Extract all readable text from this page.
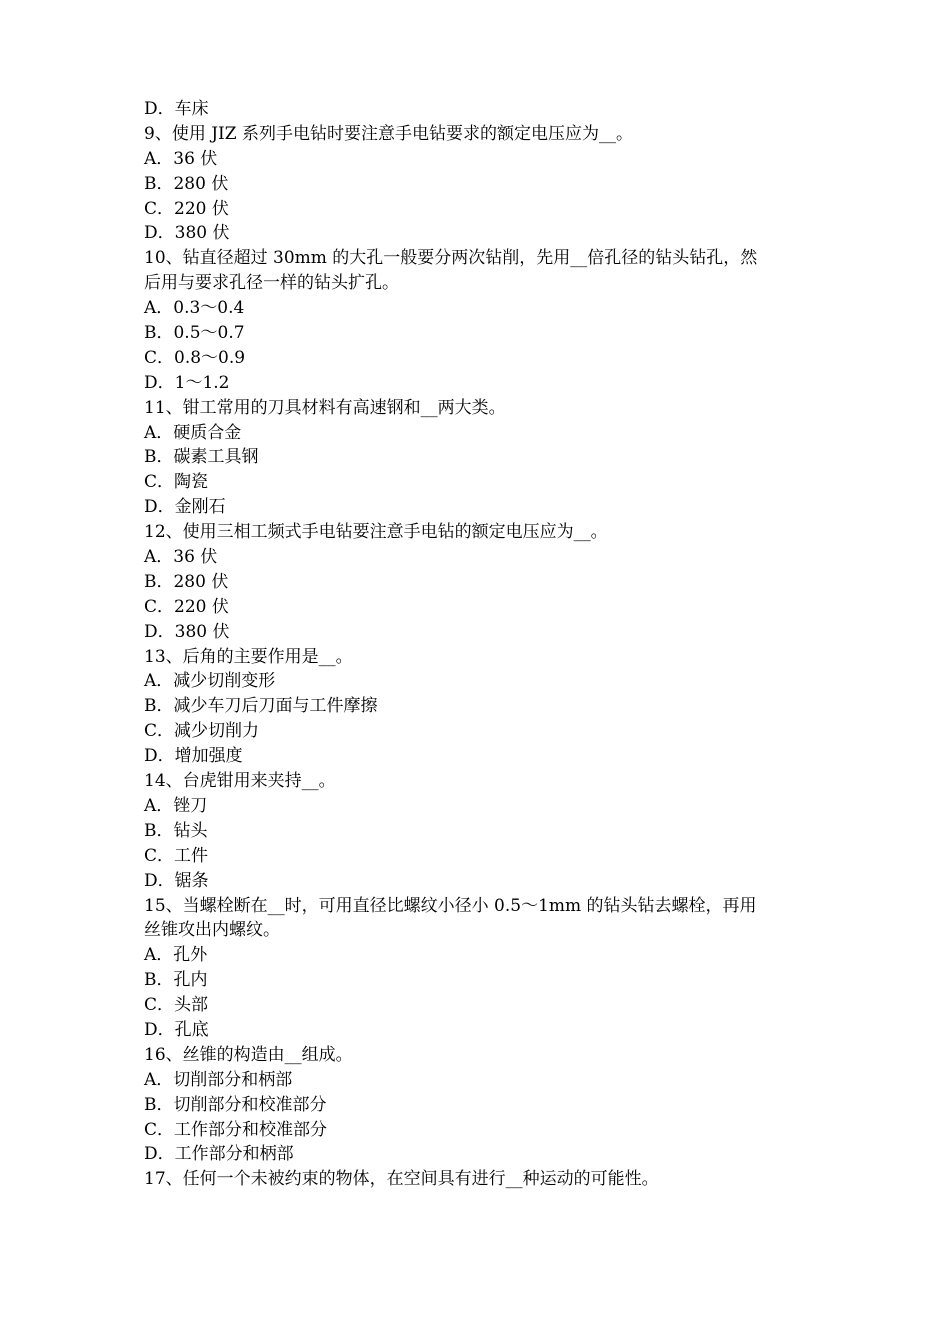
D．车床
9、使用 JIZ 系列手电钻时要注意手电钻要求的额定电压应为__。
A．36 伏
B．280 伏
C．220 伏
D．380 伏
10、钻直径超过 30mm 的大孔一般要分两次钻削，先用__倍孔径的钻头钻孔，然
后用与要求孔径一样的钻头扩孔。
A．0.3～0.4
B．0.5～0.7
C．0.8～0.9
D．1～1.2
11、钳工常用的刀具材料有高速钢和__两大类。
A．硬质合金
B．碳素工具钢
C．陶瓷
D．金刚石
12、使用三相工频式手电钻要注意手电钻的额定电压应为__。
A．36 伏
B．280 伏
C．220 伏
D．380 伏
13、后角的主要作用是__。
A．减少切削变形
B．减少车刀后刀面与工件摩擦
C．减少切削力
D．增加强度
14、台虎钳用来夹持__。
A．锉刀
B．钻头
C．工件
D．锯条
15、当螺栓断在__时，可用直径比螺纹小径小 0.5～1mm 的钻头钻去螺栓，再用
丝锥攻出内螺纹。
A．孔外
B．孔内
C．头部
D．孔底
16、丝锥的构造由__组成。
A．切削部分和柄部
B．切削部分和校准部分
C．工作部分和校准部分
D．工作部分和柄部
17、任何一个未被约束的物体，在空间具有进行__种运动的可能性。
